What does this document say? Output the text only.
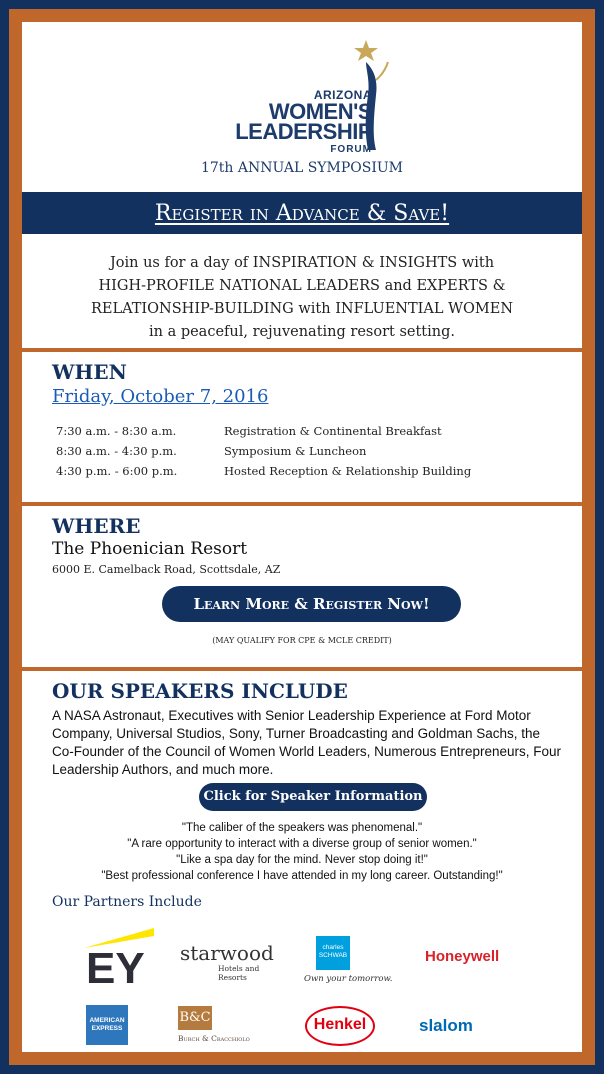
ARIZONA
WOMEN'S
LEADERSHIP
FORUM
17th ANNUAL SYMPOSIUM
Register in Advance & Save!
Join us for a day of INSPIRATION & INSIGHTS with
HIGH-PROFILE NATIONAL LEADERS and EXPERTS &
RELATIONSHIP-BUILDING with INFLUENTIAL WOMEN
in a peaceful, rejuvenating resort setting.
WHEN
Friday, October 7, 2016
7:30 a.m. - 8:30 a.m.	Registration & Continental Breakfast
8:30 a.m. - 4:30 p.m.	Symposium & Luncheon
4:30 p.m. - 6:00 p.m.	Hosted Reception & Relationship Building
WHERE
The Phoenician Resort
6000 E. Camelback Road, Scottsdale, AZ
Learn More & Register Now!
(MAY QUALIFY FOR CPE & MCLE CREDIT)
OUR SPEAKERS INCLUDE
A NASA Astronaut, Executives with Senior Leadership Experience at Ford Motor Company, Universal Studios, Sony, Turner Broadcasting and Goldman Sachs, the Co-Founder of the Council of Women World Leaders, Numerous Entrepreneurs, Four Leadership Authors, and much more.
Click for Speaker Information
"The caliber of the speakers was phenomenal."
"A rare opportunity to interact with a diverse group of senior women."
"Like a spa day for the mind. Never stop doing it!"
"Best professional conference I have attended in my long career. Outstanding!"
Our Partners Include
EY starwood
Hotels and
Resorts
charles
SCHWAB
Own your tomorrow.
Honeywell
AMERICAN
EXPRESS
B&C
Burch & Cracchiolo
Henkel	slalom
